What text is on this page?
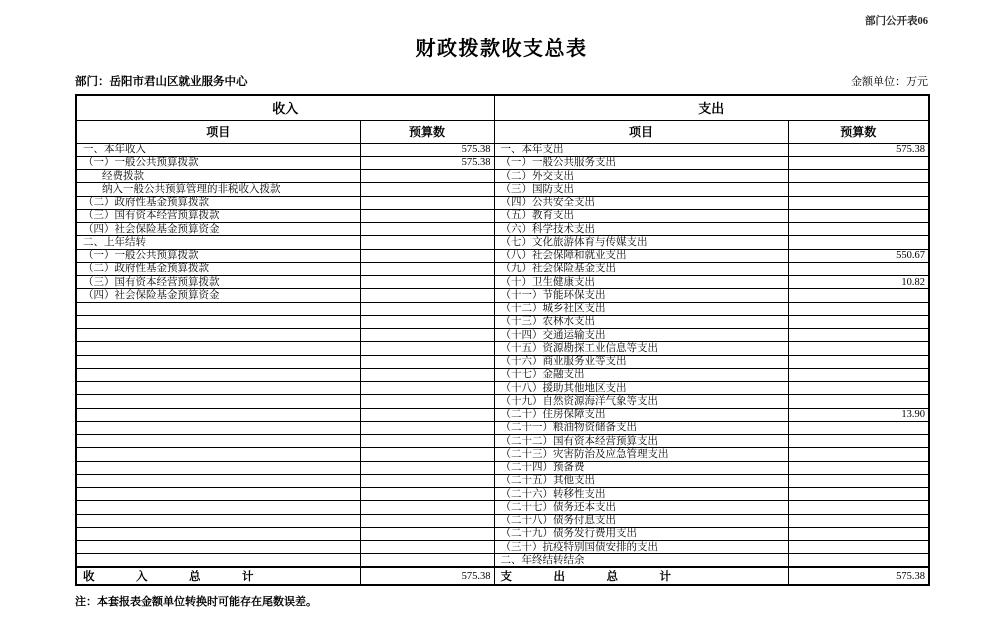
部门公开表06
财政拨款收支总表
部门：岳阳市君山区就业服务中心	金额单位：万元
收入		支出	
项目	预算数	项目	预算数
一、本年收入	575.38	一、本年支出	575.38
（一）一般公共预算拨款	575.38	（一）一般公共服务支出	
经费拨款		（二）外交支出	
纳入一般公共预算管理的非税收入拨款		（三）国防支出	
（二）政府性基金预算拨款		（四）公共安全支出	
（三）国有资本经营预算拨款		（五）教育支出	
（四）社会保险基金预算资金		（六）科学技术支出	
二、上年结转		（七）文化旅游体育与传媒支出	
（一）一般公共预算拨款		（八）社会保障和就业支出	550.67
（二）政府性基金预算拨款		（九）社会保险基金支出	
（三）国有资本经营预算拨款		（十）卫生健康支出	10.82
（四）社会保险基金预算资金		（十一）节能环保支出	
		（十二）城乡社区支出	
		（十三）农林水支出	
		（十四）交通运输支出	
		（十五）资源勘探工业信息等支出	
		（十六）商业服务业等支出	
		（十七）金融支出	
		（十八）援助其他地区支出	
		（十九）自然资源海洋气象等支出	
		（二十）住房保障支出	13.90
		（二十一）粮油物资储备支出	
		（二十二）国有资本经营预算支出	
		（二十三）灾害防治及应急管理支出	
		（二十四）预备费	
		（二十五）其他支出	
		（二十六）转移性支出	
		（二十七）债务还本支出	
		（二十八）债务付息支出	
		（二十九）债务发行费用支出	
		（三十）抗疫特别国债安排的支出	
		二、年终结转结余	
收　入　总　计	575.38	支　出　总　计	575.38
注：本套报表金额单位转换时可能存在尾数误差。
